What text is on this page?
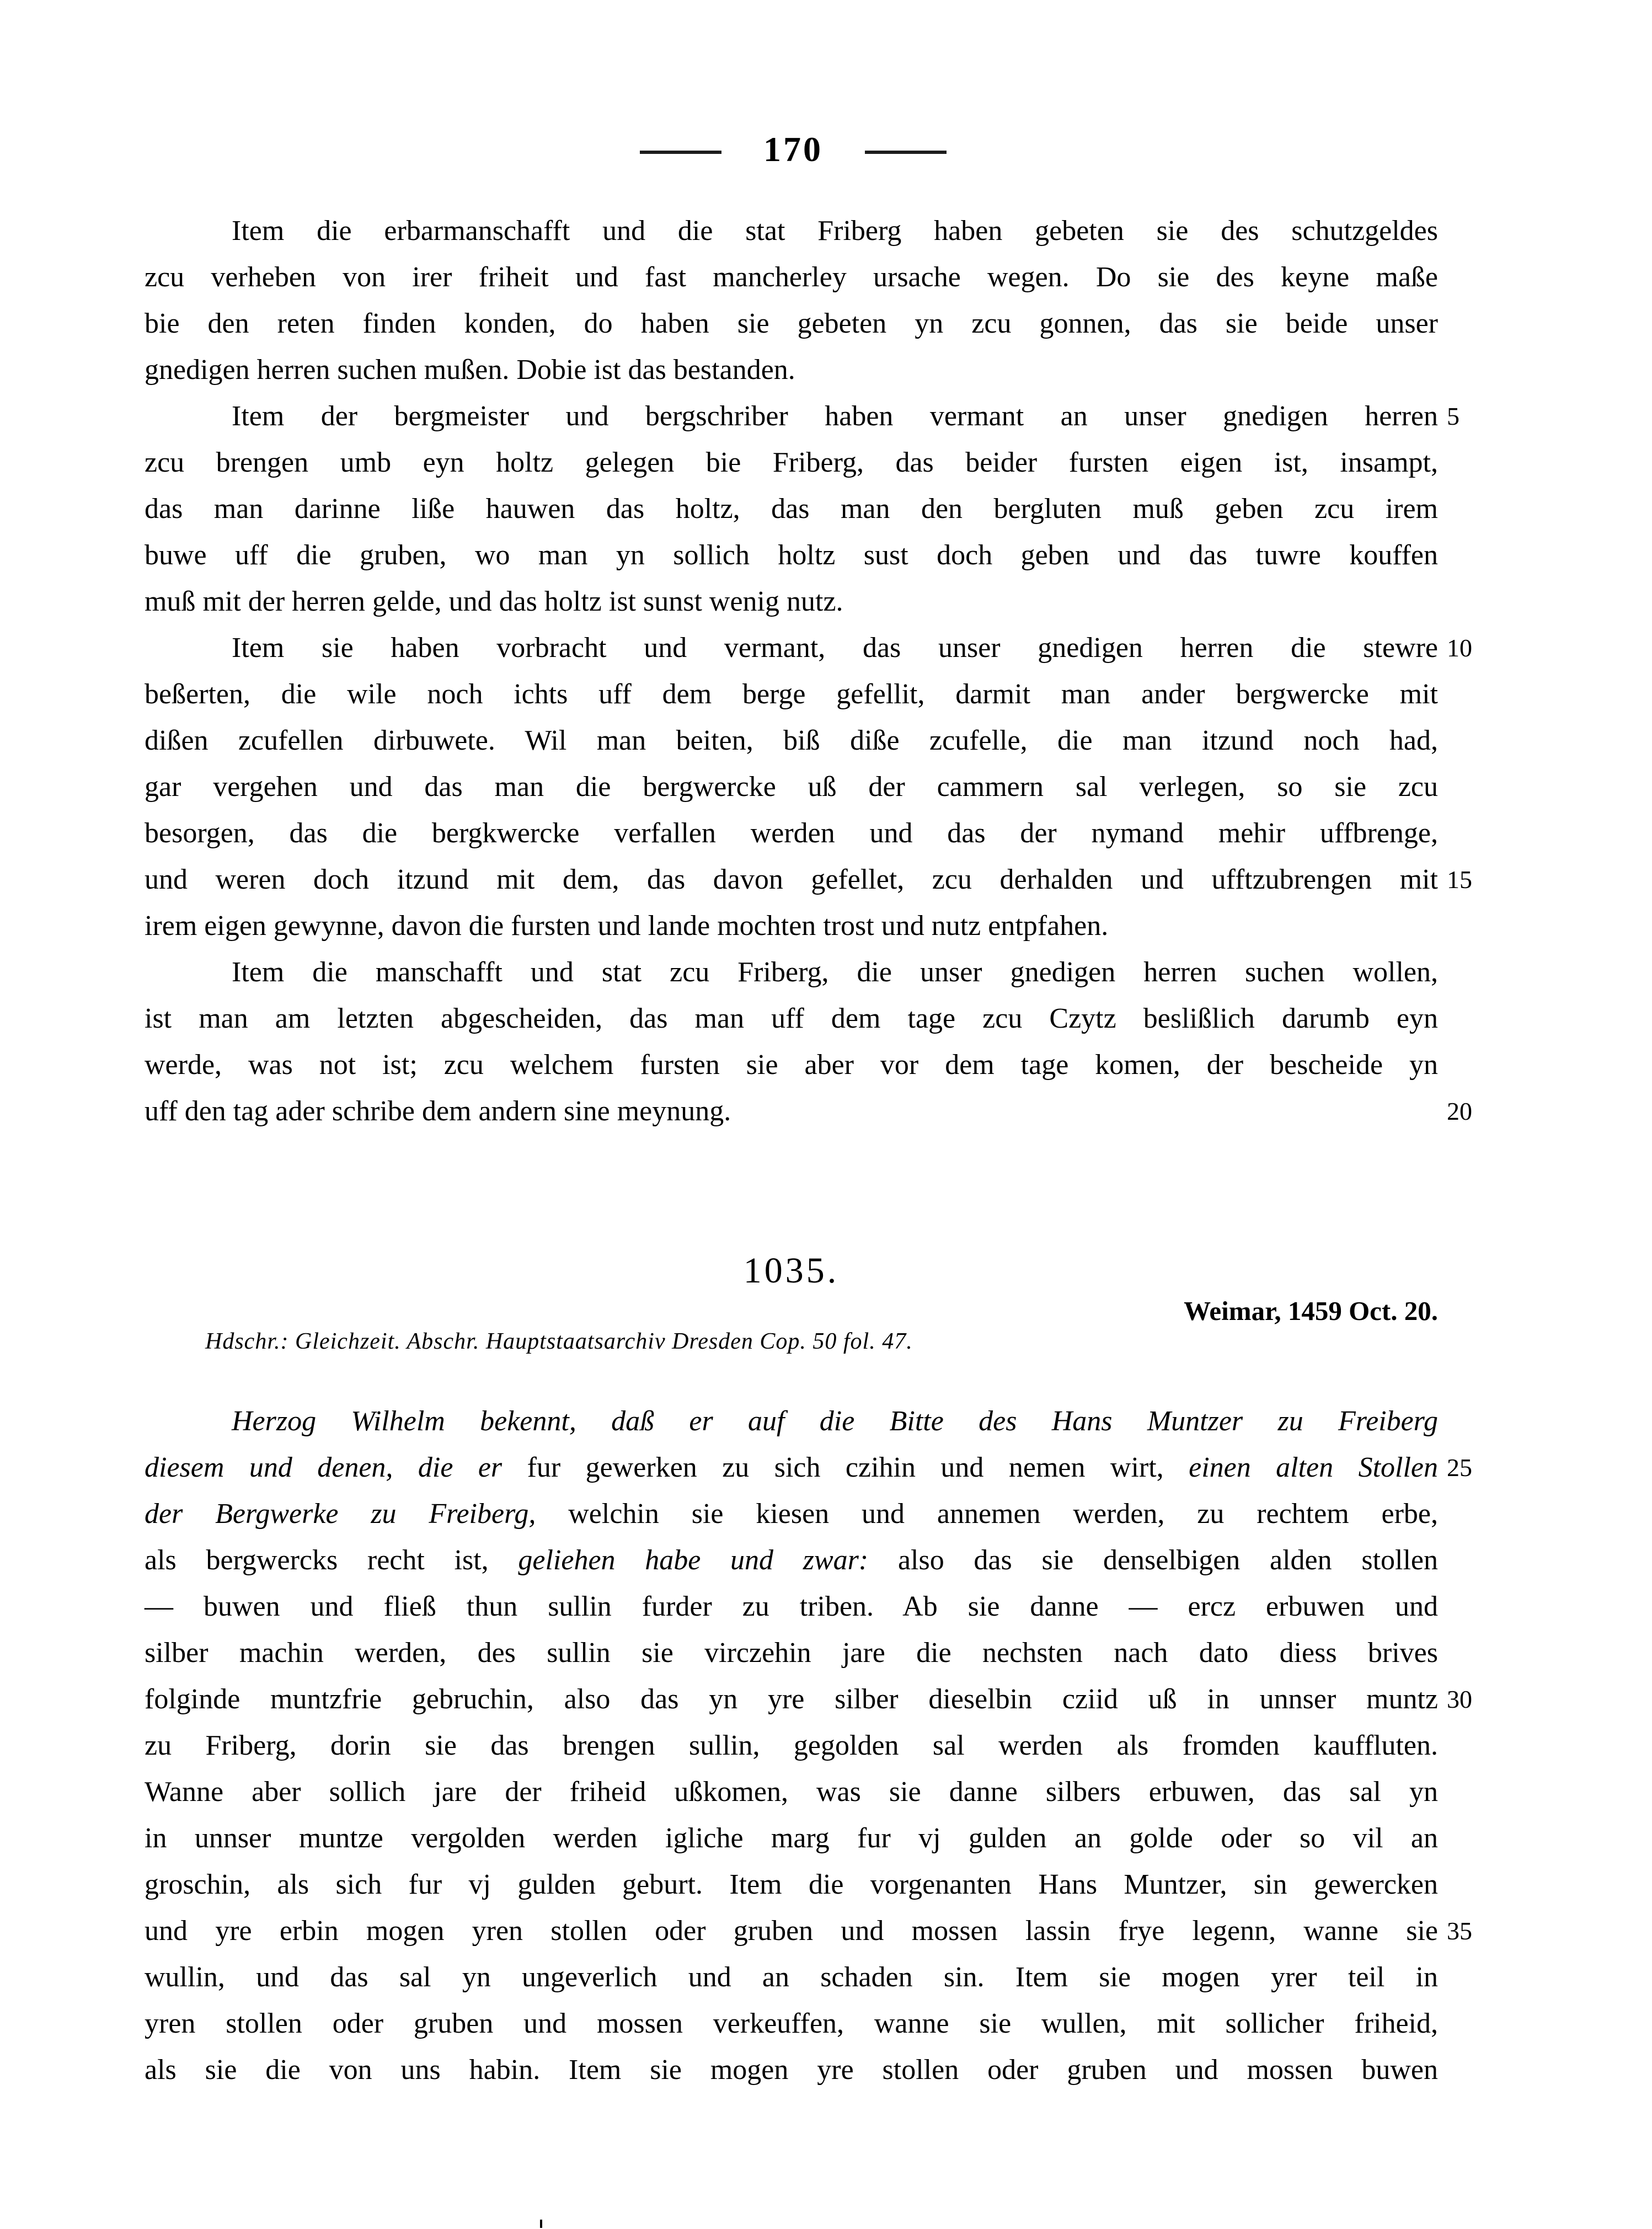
170
Item die erbarmanschafft und die stat Friberg haben gebeten sie des schutzgeldes
zcu verheben von irer friheit und fast mancherley ursache wegen. Do sie des keyne maße
bie den reten finden konden, do haben sie gebeten yn zcu gonnen, das sie beide unser
gnedigen herren suchen mußen. Dobie ist das bestanden.
Item der bergmeister und bergschriber haben vermant an unser gnedigen herren 5
zcu brengen umb eyn holtz gelegen bie Friberg, das beider fursten eigen ist, insampt,
das man darinne liße hauwen das holtz, das man den bergluten muß geben zcu irem
buwe uff die gruben, wo man yn sollich holtz sust doch geben und das tuwre kouffen
muß mit der herren gelde, und das holtz ist sunst wenig nutz.
Item sie haben vorbracht und vermant, das unser gnedigen herren die stewre 10
beßerten, die wile noch ichts uff dem berge gefellit, darmit man ander bergwercke mit
dißen zcufellen dirbuwete. Wil man beiten, biß diße zcufelle, die man itzund noch had,
gar vergehen und das man die bergwercke uß der cammern sal verlegen, so sie zcu
besorgen, das die bergkwercke verfallen werden und das der nymand mehir uffbrenge,
und weren doch itzund mit dem, das davon gefellet, zcu derhalden und ufftzubrengen mit 15
irem eigen gewynne, davon die fursten und lande mochten trost und nutz entpfahen.
Item die manschafft und stat zcu Friberg, die unser gnedigen herren suchen wollen,
ist man am letzten abgescheiden, das man uff dem tage zcu Czytz beslißlich darumb eyn
werde, was not ist; zcu welchem fursten sie aber vor dem tage komen, der bescheide yn
uff den tag ader schribe dem andern sine meynung.	20
1035.
Weimar, 1459 Oct. 20.
Hdschr.: Gleichzeit. Abschr. Hauptstaatsarchiv Dresden Cop. 50 fol. 47.
Herzog Wilhelm bekennt, daß er auf die Bitte des Hans Muntzer zu Freiberg
diesem und denen, die er fur gewerken zu sich czihin und nemen wirt, einen alten Stollen 25
der Bergwerke zu Freiberg, welchin sie kiesen und annemen werden, zu rechtem erbe,
als bergwercks recht ist, geliehen habe und zwar: also das sie denselbigen alden stollen
— buwen und fließ thun sullin furder zu triben. Ab sie danne — ercz erbuwen und
silber machin werden, des sullin sie virczehin jare die nechsten nach dato diess brives
folginde muntzfrie gebruchin, also das yn yre silber dieselbin cziid uß in unnser muntz 30
zu Friberg, dorin sie das brengen sullin, gegolden sal werden als fromden kauffluten.
Wanne aber sollich jare der friheid ußkomen, was sie danne silbers erbuwen, das sal yn
in unnser muntze vergolden werden igliche marg fur vj gulden an golde oder so vil an
groschin, als sich fur vj gulden geburt. Item die vorgenanten Hans Muntzer, sin gewercken
und yre erbin mogen yren stollen oder gruben und mossen lassin frye legenn, wanne sie 35
wullin, und das sal yn ungeverlich und an schaden sin. Item sie mogen yrer teil in
yren stollen oder gruben und mossen verkeuffen, wanne sie wullen, mit sollicher friheid,
als sie die von uns habin. Item sie mogen yre stollen oder gruben und mossen buwen
